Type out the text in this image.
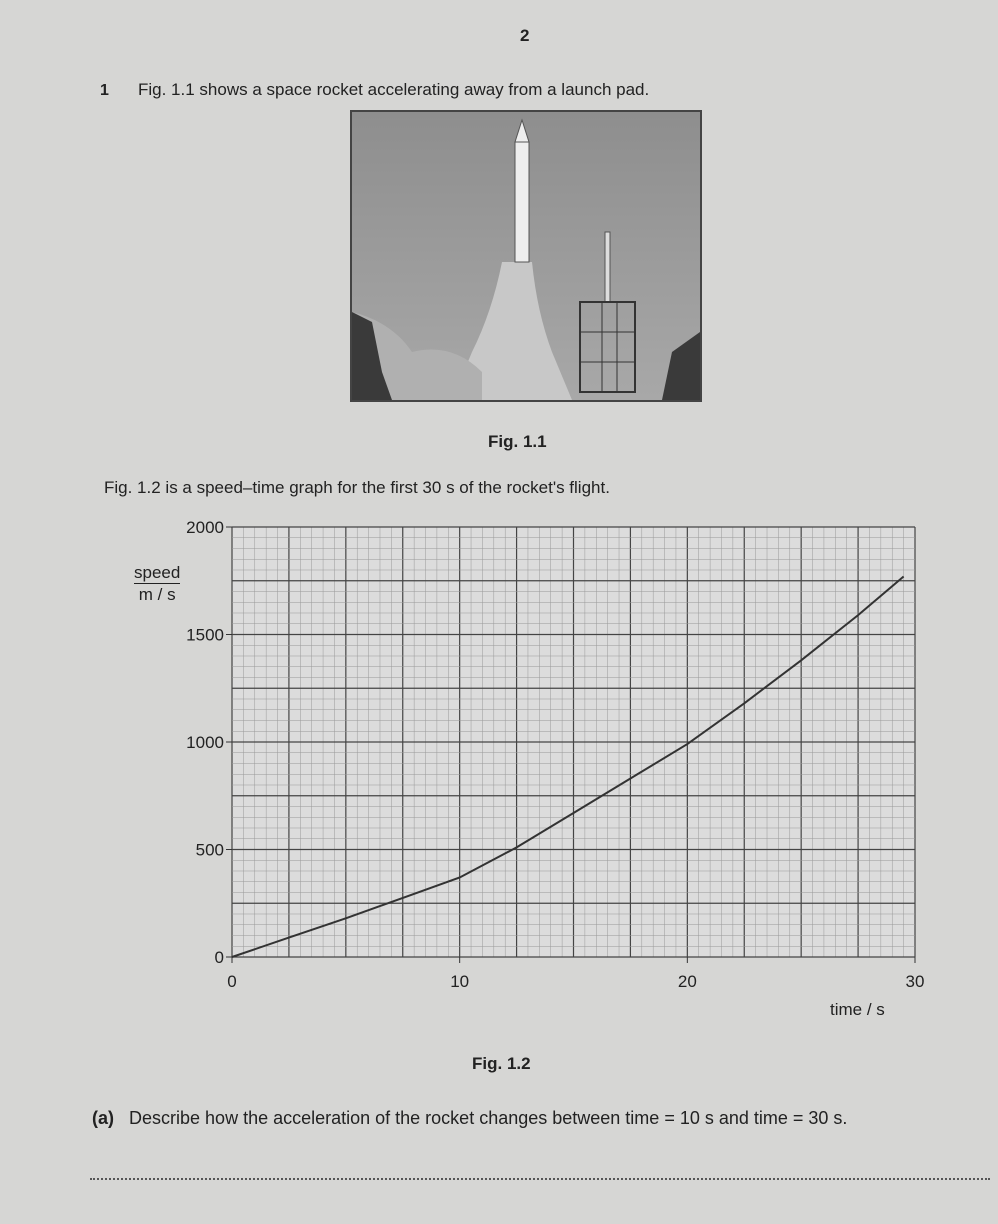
2
1 Fig. 1.1 shows a space rocket accelerating away from a launch pad.
Fig. 1.1
Fig. 1.2 is a speed–time graph for the first 30 s of the rocket's flight.
speed
m / s
0	10	20	30
0
500
1000
1500
2000
time / s
Fig. 1.2
(a) Describe how the acceleration of the rocket changes between time = 10 s and time = 30 s.
